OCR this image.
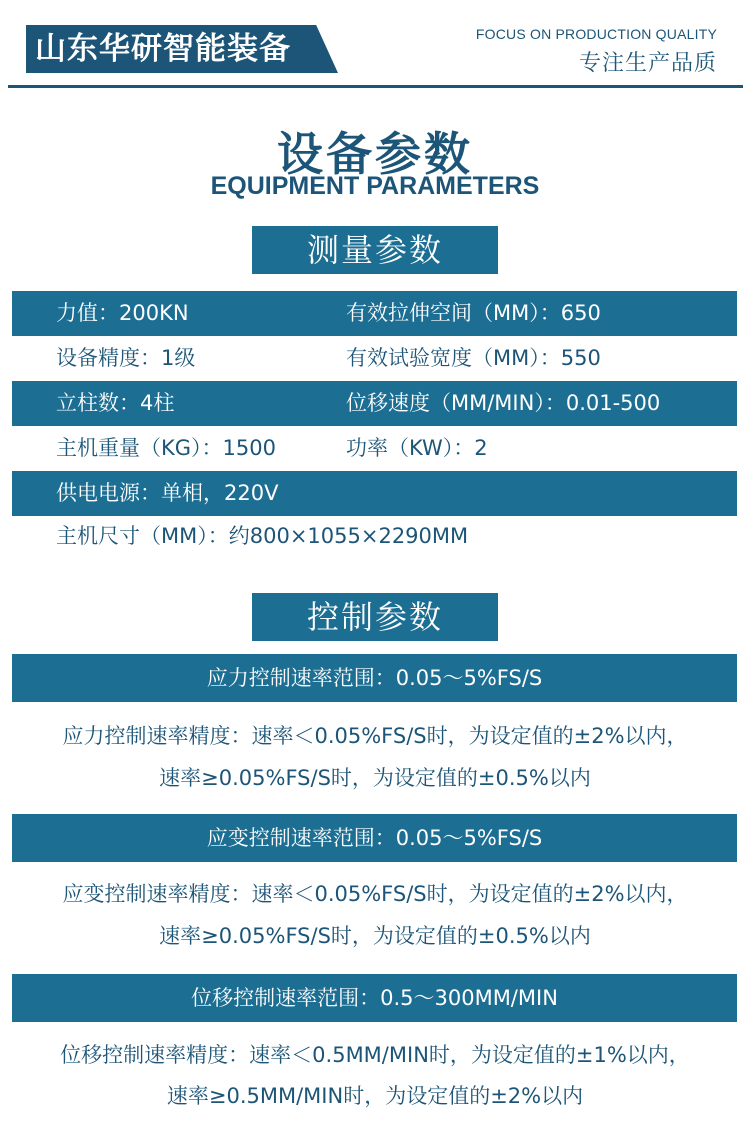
山东华研智能装备	FOCUS ON PRODUCTION QUALITY
专注生产品质
设备参数
EQUIPMENT PARAMETERS
测量参数
力值：200KN	有效拉伸空间（MM）：650
设备精度：1级	有效试验宽度（MM）：550
立柱数：4柱	位移速度（MM/MIN）：0.01-500
主机重量（KG）：1500	功率（KW）：2
供电电源：单相，220V
主机尺寸（MM）：约800×1055×2290MM
控制参数
应力控制速率范围：0.05～5%FS/S
应力控制速率精度：速率＜0.05%FS/S时，为设定值的±2%以内，
速率≥0.05%FS/S时，为设定值的±0.5%以内
应变控制速率范围：0.05～5%FS/S
应变控制速率精度：速率＜0.05%FS/S时，为设定值的±2%以内，
速率≥0.05%FS/S时，为设定值的±0.5%以内
位移控制速率范围：0.5～300MM/MIN
位移控制速率精度：速率＜0.5MM/MIN时，为设定值的±1%以内，
速率≥0.5MM/MIN时，为设定值的±2%以内
